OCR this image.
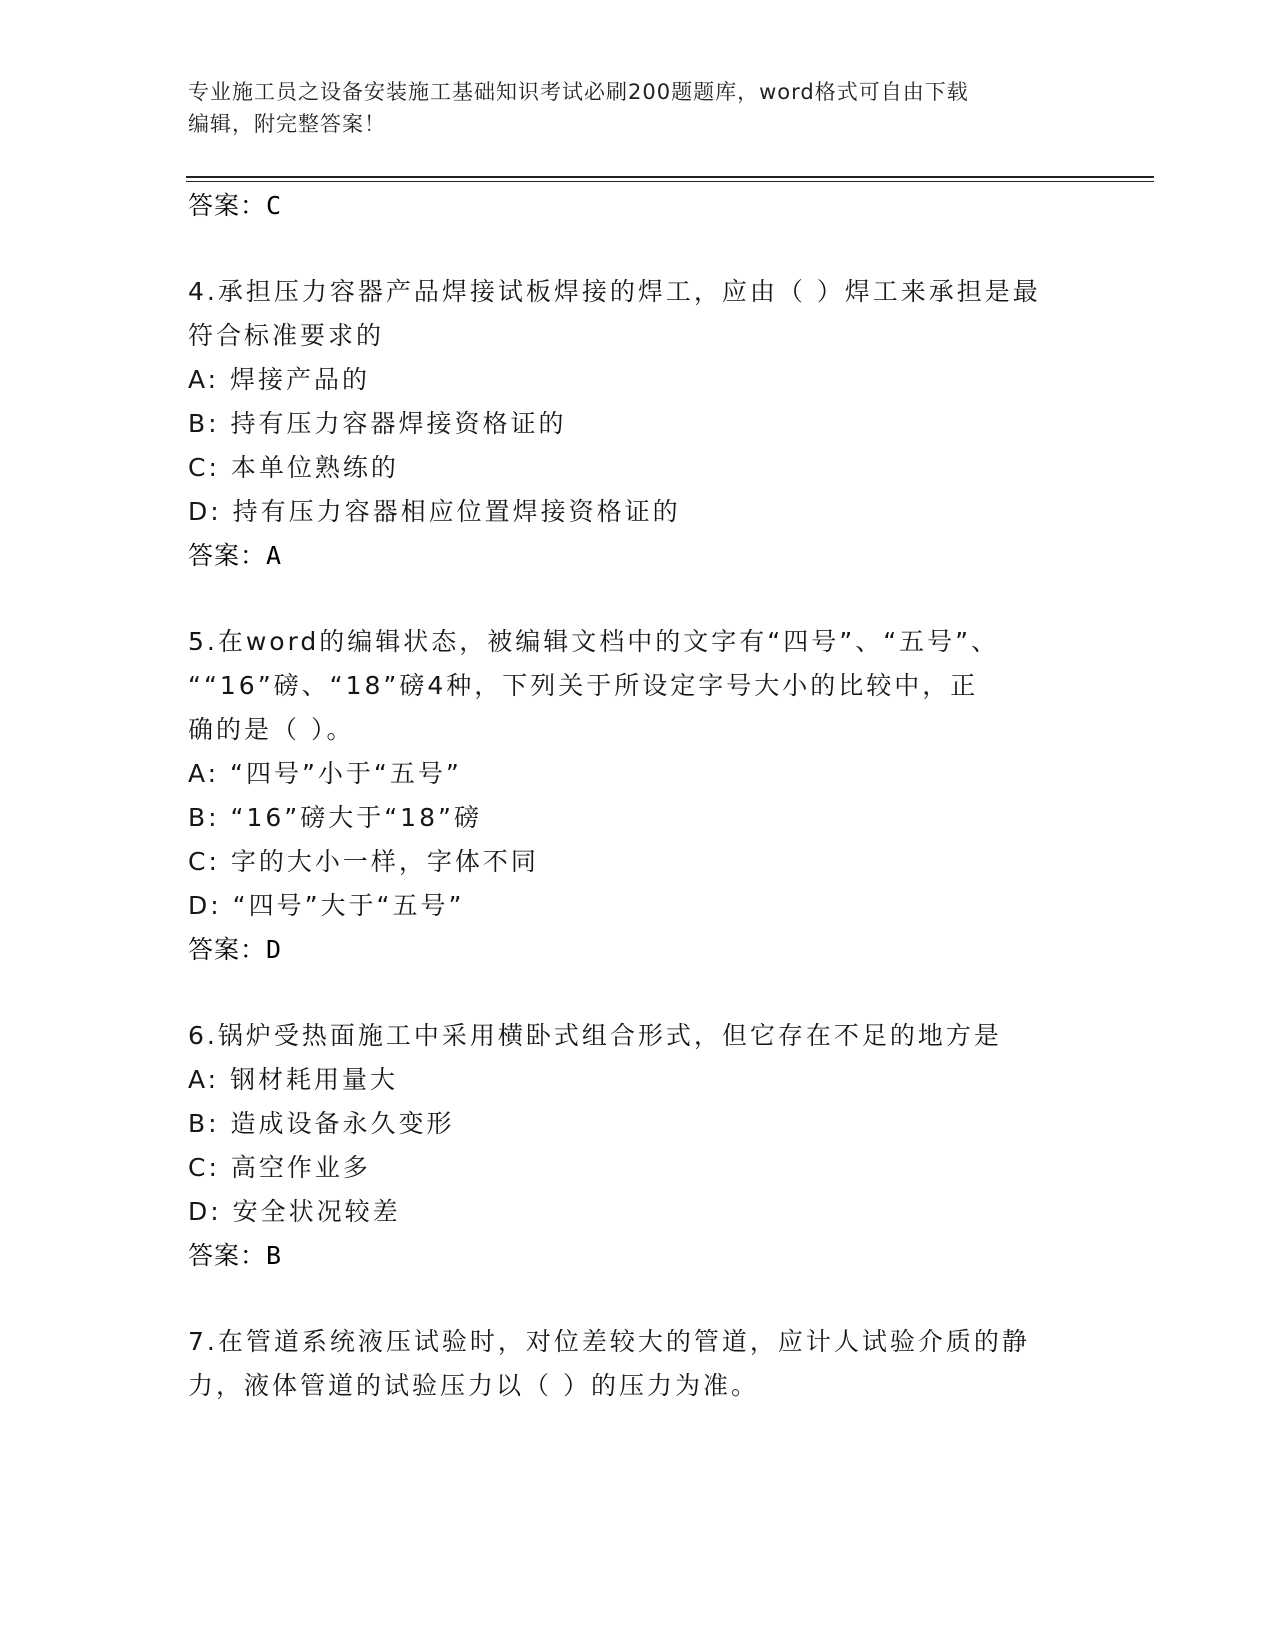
专业施工员之设备安装施工基础知识考试必刷200题题库，word格式可自由下载
编辑，附完整答案！
答案：C
4.承担压力容器产品焊接试板焊接的焊工，应由（ ）焊工来承担是最
符合标准要求的
A: 焊接产品的
B: 持有压力容器焊接资格证的
C: 本单位熟练的
D: 持有压力容器相应位置焊接资格证的
答案：A
5.在word的编辑状态，被编辑文档中的文字有“四号”、“五号”、
““16”磅、“18”磅4种，下列关于所设定字号大小的比较中，正
确的是（ ）。
A: “四号”小于“五号”
B: “16”磅大于“18”磅
C: 字的大小一样，字体不同
D: “四号”大于“五号”
答案：D
6.锅炉受热面施工中采用横卧式组合形式，但它存在不足的地方是
A: 钢材耗用量大
B: 造成设备永久变形
C: 高空作业多
D: 安全状况较差
答案：B
7.在管道系统液压试验时，对位差较大的管道，应计人试验介质的静
力，液体管道的试验压力以（ ）的压力为准。
